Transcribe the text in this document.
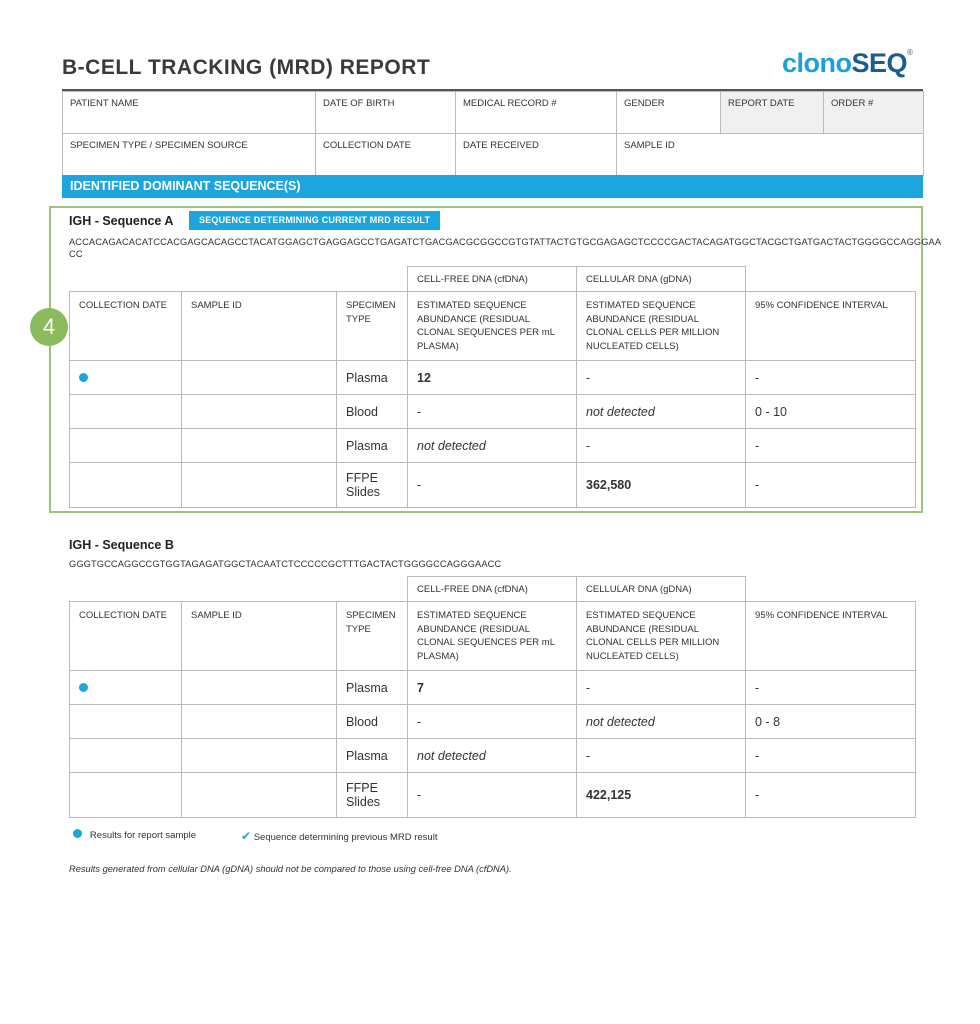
B-CELL TRACKING (MRD) REPORT	clonoSEQ®
PATIENT NAME	DATE OF BIRTH	MEDICAL RECORD #	GENDER	REPORT DATE	ORDER #
SPECIMEN TYPE / SPECIMEN SOURCE	COLLECTION DATE	DATE RECEIVED	SAMPLE ID		
IDENTIFIED DOMINANT SEQUENCE(S)
4
IGH - Sequence A	SEQUENCE DETERMINING CURRENT MRD RESULT
ACCACAGACACATCCACGAGCACAGCCTACATGGAGCTGAGGAGCCTGAGATCTGACGACGCGGCCGTGTATTACTGTGCGAGAGCTCCCCGACTACAGATGGCTACGCTGATGACTACTGGGGCCAGGGAA
CC
			CELL-FREE DNA (cfDNA)	CELLULAR DNA (gDNA)	
COLLECTION DATE	SAMPLE ID	SPECIMEN TYPE	ESTIMATED SEQUENCE ABUNDANCE (RESIDUAL CLONAL SEQUENCES PER mL PLASMA)	ESTIMATED SEQUENCE ABUNDANCE (RESIDUAL CLONAL CELLS PER MILLION NUCLEATED CELLS)	95% CONFIDENCE INTERVAL
		Plasma	12	-	-
		Blood	-	not detected	0 - 10
		Plasma	not detected	-	-
		FFPE Slides	-	362,580	-
IGH - Sequence B
GGGTGCCAGGCCGTGGTAGAGATGGCTACAATCTCCCCCGCTTTGACTACTGGGGCCAGGGAACC
			CELL-FREE DNA (cfDNA)	CELLULAR DNA (gDNA)	
COLLECTION DATE	SAMPLE ID	SPECIMEN TYPE	ESTIMATED SEQUENCE ABUNDANCE (RESIDUAL CLONAL SEQUENCES PER mL PLASMA)	ESTIMATED SEQUENCE ABUNDANCE (RESIDUAL CLONAL CELLS PER MILLION NUCLEATED CELLS)	95% CONFIDENCE INTERVAL
		Plasma	7	-	-
		Blood	-	not detected	0 - 8
		Plasma	not detected	-	-
		FFPE Slides	-	422,125	-
Results for report sample	✔ Sequence determining previous MRD result
Results generated from cellular DNA (gDNA) should not be compared to those using cell-free DNA (cfDNA).
